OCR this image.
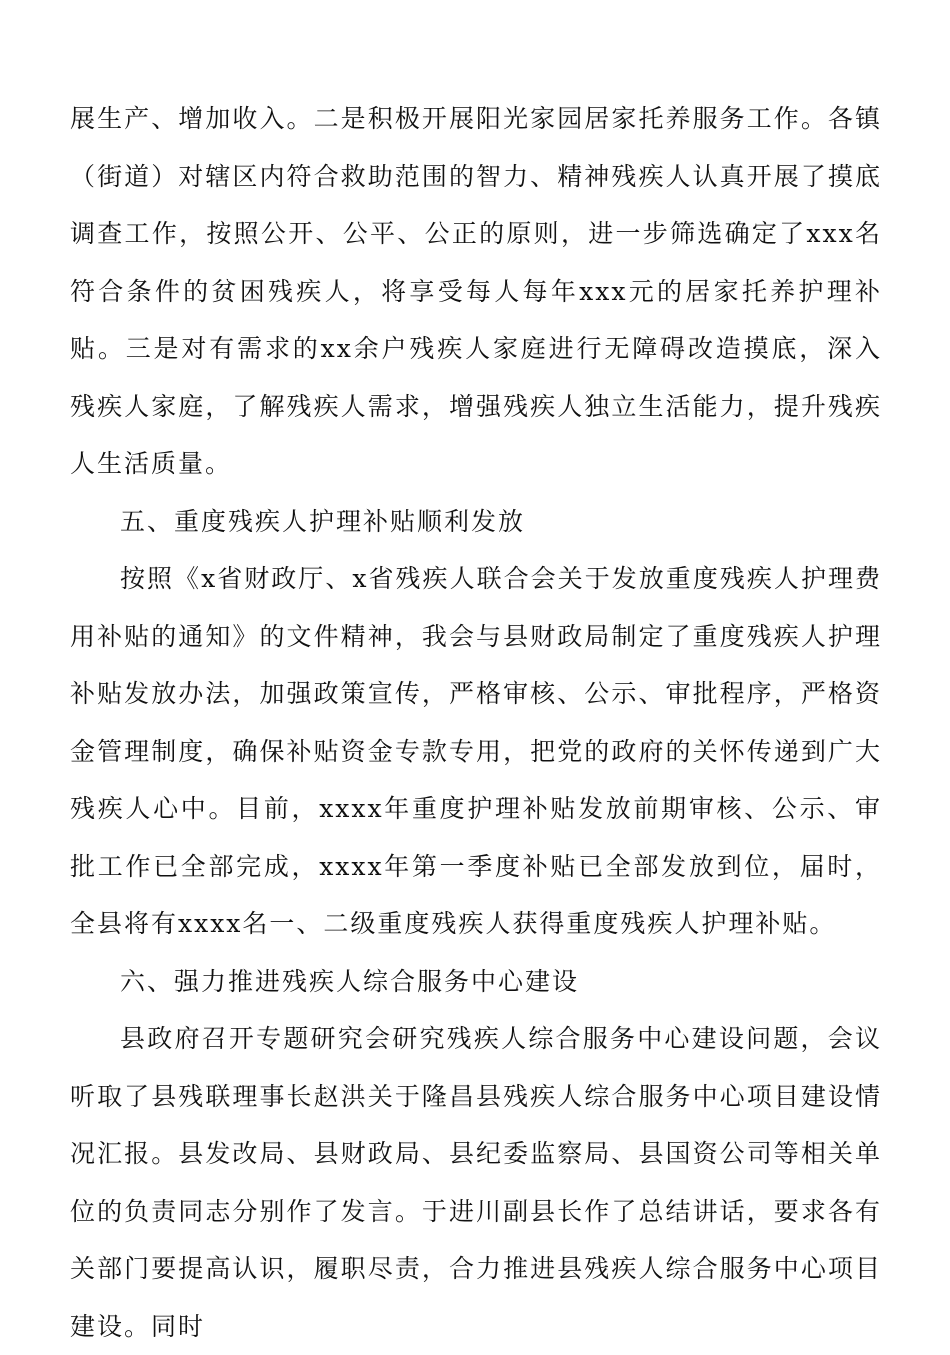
展生产、增加收入。二是积极开展阳光家园居家托养服务工作。各镇（街道）对辖区内符合救助范围的智力、精神残疾人认真开展了摸底调查工作，按照公开、公平、公正的原则，进一步筛选确定了xxx名符合条件的贫困残疾人，将享受每人每年xxx元的居家托养护理补贴。三是对有需求的xx余户残疾人家庭进行无障碍改造摸底，深入残疾人家庭，了解残疾人需求，增强残疾人独立生活能力，提升残疾人生活质量。

五、重度残疾人护理补贴顺利发放

按照《x省财政厅、x省残疾人联合会关于发放重度残疾人护理费用补贴的通知》的文件精神，我会与县财政局制定了重度残疾人护理补贴发放办法，加强政策宣传，严格审核、公示、审批程序，严格资金管理制度，确保补贴资金专款专用，把党的政府的关怀传递到广大残疾人心中。目前，xxxx年重度护理补贴发放前期审核、公示、审批工作已全部完成，xxxx年第一季度补贴已全部发放到位，届时，全县将有xxxx名一、二级重度残疾人获得重度残疾人护理补贴。

六、强力推进残疾人综合服务中心建设

县政府召开专题研究会研究残疾人综合服务中心建设问题，会议听取了县残联理事长赵洪关于隆昌县残疾人综合服务中心项目建设情况汇报。县发改局、县财政局、县纪委监察局、县国资公司等相关单位的负责同志分别作了发言。于进川副县长作了总结讲话，要求各有关部门要提高认识，履职尽责，合力推进县残疾人综合服务中心项目建设。同时
